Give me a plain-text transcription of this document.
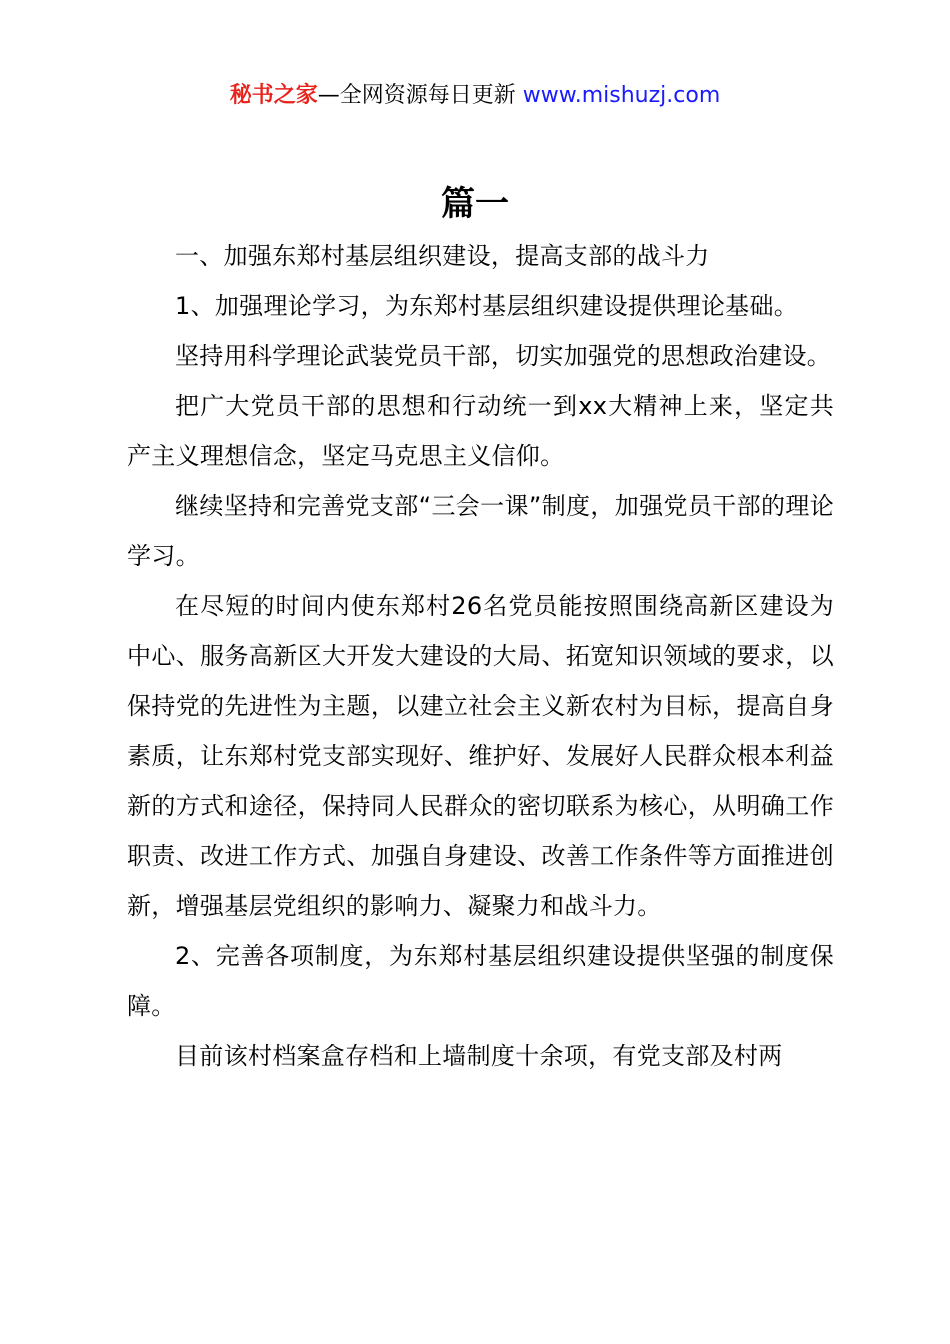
秘书之家—全网资源每日更新 www.mishuzj.com
篇一

一、加强东郑村基层组织建设，提高支部的战斗力

1、加强理论学习，为东郑村基层组织建设提供理论基础。

坚持用科学理论武装党员干部，切实加强党的思想政治建设。

把广大党员干部的思想和行动统一到xx大精神上来，坚定共产主义理想信念，坚定马克思主义信仰。

继续坚持和完善党支部“三会一课”制度，加强党员干部的理论学习。

在尽短的时间内使东郑村26名党员能按照围绕高新区建设为中心、服务高新区大开发大建设的大局、拓宽知识领域的要求，以保持党的先进性为主题，以建立社会主义新农村为目标，提高自身素质，让东郑村党支部实现好、维护好、发展好人民群众根本利益新的方式和途径，保持同人民群众的密切联系为核心，从明确工作职责、改进工作方式、加强自身建设、改善工作条件等方面推进创新，增强基层党组织的影响力、凝聚力和战斗力。

2、完善各项制度，为东郑村基层组织建设提供坚强的制度保障。

目前该村档案盒存档和上墙制度十余项，有党支部及村两
